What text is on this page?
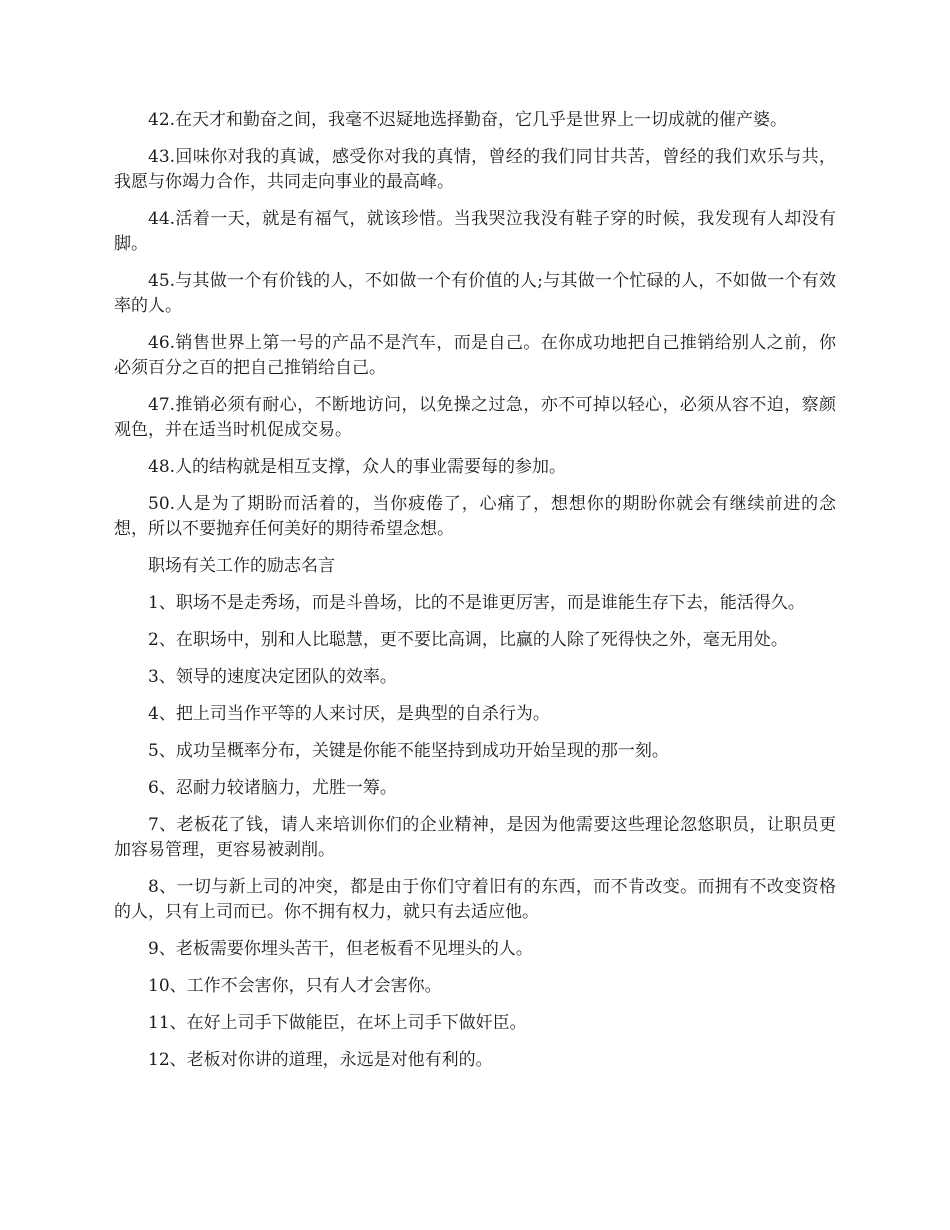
42.在天才和勤奋之间，我毫不迟疑地选择勤奋，它几乎是世界上一切成就的催产婆。

43.回味你对我的真诚，感受你对我的真情，曾经的我们同甘共苦，曾经的我们欢乐与共，我愿与你竭力合作，共同走向事业的最高峰。

44.活着一天，就是有福气，就该珍惜。当我哭泣我没有鞋子穿的时候，我发现有人却没有脚。

45.与其做一个有价钱的人，不如做一个有价值的人;与其做一个忙碌的人，不如做一个有效率的人。

46.销售世界上第一号的产品不是汽车，而是自己。在你成功地把自己推销给别人之前，你必须百分之百的把自己推销给自己。

47.推销必须有耐心，不断地访问，以免操之过急，亦不可掉以轻心，必须从容不迫，察颜观色，并在适当时机促成交易。

48.人的结构就是相互支撑，众人的事业需要每的参加。

50.人是为了期盼而活着的，当你疲倦了，心痛了，想想你的期盼你就会有继续前进的念想，所以不要抛弃任何美好的期待希望念想。

职场有关工作的励志名言

1、职场不是走秀场，而是斗兽场，比的不是谁更厉害，而是谁能生存下去，能活得久。

2、在职场中，别和人比聪慧，更不要比高调，比赢的人除了死得快之外，毫无用处。

3、领导的速度决定团队的效率。

4、把上司当作平等的人来讨厌，是典型的自杀行为。

5、成功呈概率分布，关键是你能不能坚持到成功开始呈现的那一刻。

6、忍耐力较诸脑力，尤胜一筹。

7、老板花了钱，请人来培训你们的企业精神，是因为他需要这些理论忽悠职员，让职员更加容易管理，更容易被剥削。

8、一切与新上司的冲突，都是由于你们守着旧有的东西，而不肯改变。而拥有不改变资格的人，只有上司而已。你不拥有权力，就只有去适应他。

9、老板需要你埋头苦干，但老板看不见埋头的人。

10、工作不会害你，只有人才会害你。

11、在好上司手下做能臣，在坏上司手下做奸臣。

12、老板对你讲的道理，永远是对他有利的。
